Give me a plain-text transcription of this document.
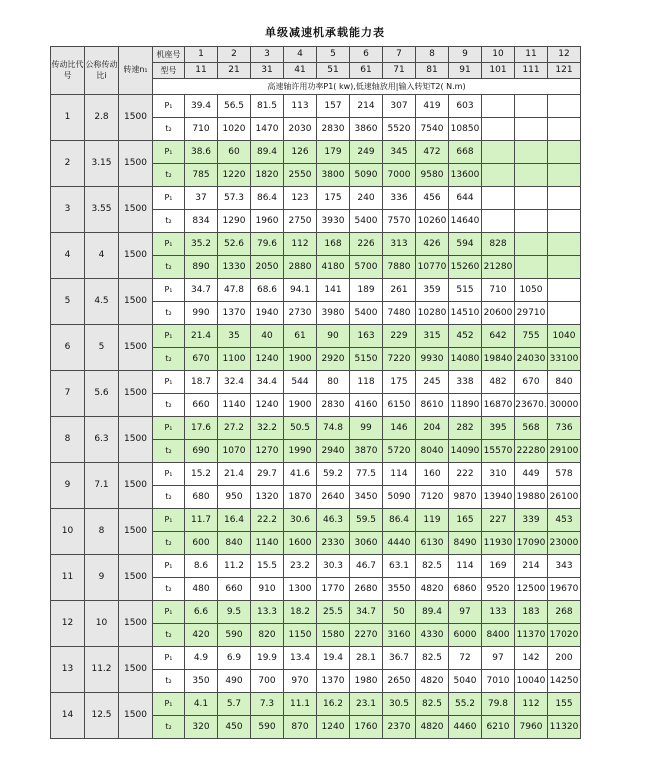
单级减速机承载能力表
传动比代号	公称传动比i	转速n₁	机座号	1	2	3	4	5	6	7	8	9	10	11	12
			型号	11	21	31	41	51	61	71	81	91	101	111	121
			高速轴许用功率P1( kw),低速轴放用|输入转矩T2( N.m)												
1	2.8	1500	P₁	39.4	56.5	81.5	113	157	214	307	419	603			
			t₂	710	1020	1470	2030	2830	3860	5520	7540	10850			
2	3.15	1500	P₁	38.6	60	89.4	126	179	249	345	472	668			
			t₂	785	1220	1820	2550	3800	5090	7000	9580	13600			
3	3.55	1500	P₁	37	57.3	86.4	123	175	240	336	456	644			
			t₂	834	1290	1960	2750	3930	5400	7570	10260	14640			
4	4	1500	P₁	35.2	52.6	79.6	112	168	226	313	426	594	828		
			t₂	890	1330	2050	2880	4180	5700	7880	10770	15260	21280		
5	4.5	1500	P₁	34.7	47.8	68.6	94.1	141	189	261	359	515	710	1050	
			t₂	990	1370	1940	2730	3980	5400	7480	10280	14510	20600	29710	
6	5	1500	P₁	21.4	35	40	61	90	163	229	315	452	642	755	1040
			t₂	670	1100	1240	1900	2920	5150	7220	9930	14080	19840	24030	33100
7	5.6	1500	P₁	18.7	32.4	34.4	544	80	118	175	245	338	482	670	840
			t₂	660	1140	1240	1900	2830	4160	6150	8610	11890	16870	23670.	30000
8	6.3	1500	P₁	17.6	27.2	32.2	50.5	74.8	99	146	204	282	395	568	736
			t₂	690	1070	1270	1990	2940	3870	5720	8040	14090	15570	22280	29100
9	7.1	1500	P₁	15.2	21.4	29.7	41.6	59.2	77.5	114	160	222	310	449	578
			t₂	680	950	1320	1870	2640	3450	5090	7120	9870	13940	19880	26100
10	8	1500	P₁	11.7	16.4	22.2	30.6	46.3	59.5	86.4	119	165	227	339	453
			t₂	600	840	1140	1600	2330	3060	4440	6130	8490	11930	17090	23000
11	9	1500	P₁	8.6	11.2	15.5	23.2	30.3	46.7	63.1	82.5	114	169	214	343
			t₂	480	660	910	1300	1770	2680	3550	4820	6860	9520	12500	19670
12	10	1500	P₁	6.6	9.5	13.3	18.2	25.5	34.7	50	89.4	97	133	183	268
			t₂	420	590	820	1150	1580	2270	3160	4330	6000	8400	11370	17020
13	11.2	1500	P₁	4.9	6.9	19.9	13.4	19.4	28.1	36.7	82.5	72	97	142	200
			t₂	350	490	700	970	1370	1980	2650	4820	5040	7010	10040	14250
14	12.5	1500	P₁	4.1	5.7	7.3	11.1	16.2	23.1	30.5	82.5	55.2	79.8	112	155
			t₂	320	450	590	870	1240	1760	2370	4820	4460	6210	7960	11320
